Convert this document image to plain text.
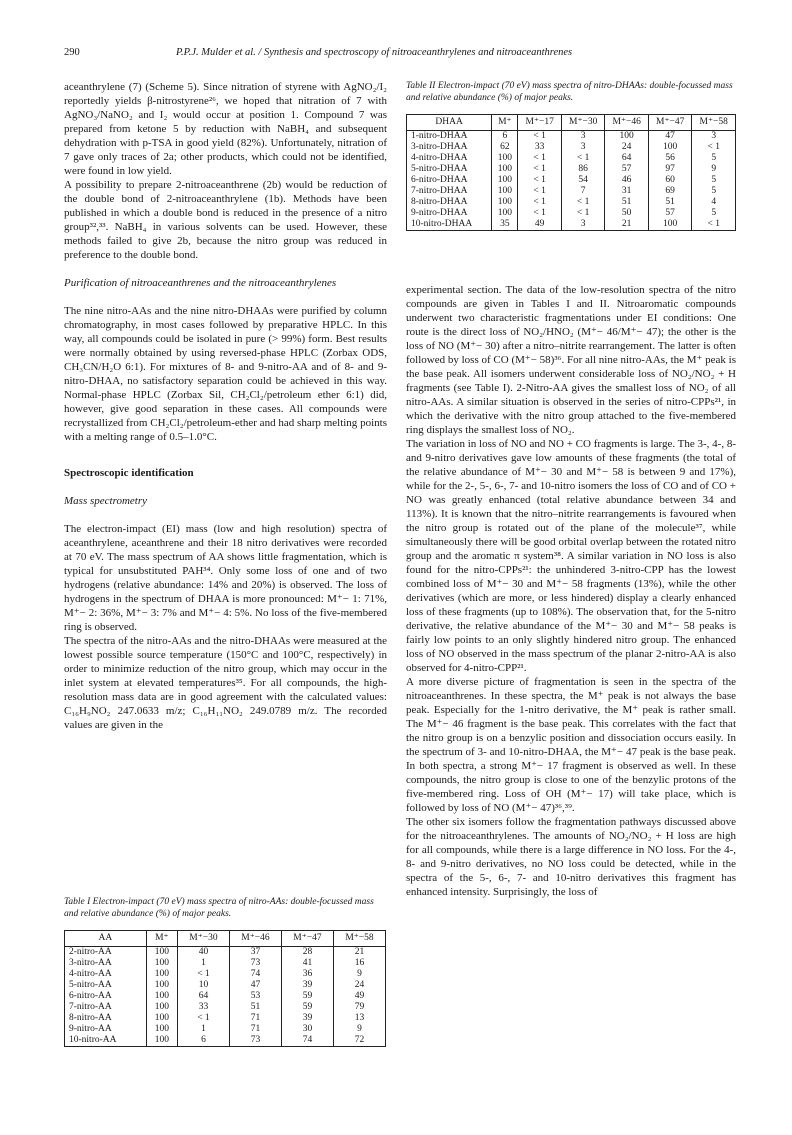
290	P.P.J. Mulder et al. / Synthesis and spectroscopy of nitroaceanthrylenes and nitroaceanthrenes

aceanthrylene (7) (Scheme 5). Since nitration of styrene with AgNO₂/I₂ reportedly yields β-nitrostyrene²⁶, we hoped that nitration of 7 with AgNO₃/NaNO₂ and I₂ would occur at position 1. Compound 7 was prepared from ketone 5 by reduction with NaBH₄ and subsequent dehydration with p-TSA in good yield (82%). Unfortunately, nitration of 7 gave only traces of 2a; other products, which could not be identified, were found in low yield.

A possibility to prepare 2-nitroaceanthrene (2b) would be reduction of the double bond of 2-nitroaceanthrylene (1b). Methods have been published in which a double bond is reduced in the presence of a nitro group³²,³³. NaBH₄ in various solvents can be used. However, these methods failed to give 2b, because the nitro group was reduced in preference to the double bond.

Purification of nitroaceanthrenes and the nitroaceanthrylenes

The nine nitro-AAs and the nine nitro-DHAAs were purified by column chromatography, in most cases followed by preparative HPLC. In this way, all compounds could be isolated in pure (> 99%) form. Best results were normally obtained by using reversed-phase HPLC (Zorbax ODS, CH₃CN/H₂O 6:1). For mixtures of 8- and 9-nitro-AA and of 8- and 9-nitro-DHAA, no satisfactory separation could be achieved in this way. Normal-phase HPLC (Zorbax Sil, CH₂Cl₂/petroleum ether 6:1) did, however, give good separation in these cases. All compounds were recrystallized from CH₂Cl₂/petroleum-ether and had sharp melting points with a melting range of 0.5–1.0°C.

Spectroscopic identification

Mass spectrometry

The electron-impact (EI) mass (low and high resolution) spectra of aceanthrylene, aceanthrene and their 18 nitro derivatives were recorded at 70 eV. The mass spectrum of AA shows little fragmentation, which is typical for unsubstituted PAH³⁴. Only some loss of one and of two hydrogens (relative abundance: 14% and 20%) is observed. The loss of hydrogens in the spectrum of DHAA is more pronounced: M⁺− 1: 71%, M⁺− 2: 36%, M⁺− 3: 7% and M⁺− 4: 5%. No loss of the five-membered ring is observed.

The spectra of the nitro-AAs and the nitro-DHAAs were measured at the lowest possible source temperature (150°C and 100°C, respectively) in order to minimize reduction of the nitro group, which may occur in the inlet system at elevated temperatures³⁵. For all compounds, the high-resolution mass data are in good agreement with the calculated values: C₁₆H₉NO₂ 247.0633 m/z; C₁₆H₁₁NO₂ 249.0789 m/z. The recorded values are given in the

Table I Electron-impact (70 eV) mass spectra of nitro-AAs: double-focussed mass and relative abundance (%) of major peaks.

AA	M⁺	M⁺−30	M⁺−46	M⁺−47	M⁺−58
2-nitro-AA	100	40	37	28	21
3-nitro-AA	100	1	73	41	16
4-nitro-AA	100	< 1	74	36	9
5-nitro-AA	100	10	47	39	24
6-nitro-AA	100	64	53	59	49
7-nitro-AA	100	33	51	59	79
8-nitro-AA	100	< 1	71	39	13
9-nitro-AA	100	1	71	30	9
10-nitro-AA	100	6	73	74	72

Table II Electron-impact (70 eV) mass spectra of nitro-DHAAs: double-focussed mass and relative abundance (%) of major peaks.

DHAA	M⁺	M⁺−17	M⁺−30	M⁺−46	M⁺−47	M⁺−58
1-nitro-DHAA	6	< 1	3	100	47	3
3-nitro-DHAA	62	33	3	24	100	< 1
4-nitro-DHAA	100	< 1	< 1	64	56	5
5-nitro-DHAA	100	< 1	86	57	97	9
6-nitro-DHAA	100	< 1	54	46	60	5
7-nitro-DHAA	100	< 1	7	31	69	5
8-nitro-DHAA	100	< 1	< 1	51	51	4
9-nitro-DHAA	100	< 1	< 1	50	57	5
10-nitro-DHAA	35	49	3	21	100	< 1

experimental section. The data of the low-resolution spectra of the nitro compounds are given in Tables I and II. Nitroaromatic compounds underwent two characteristic fragmentations under EI conditions: One route is the direct loss of NO₂/HNO₂ (M⁺− 46/M⁺− 47); the other is the loss of NO (M⁺− 30) after a nitro–nitrite rearrangement. The latter is often followed by loss of CO (M⁺− 58)³⁶. For all nine nitro-AAs, the M⁺ peak is the base peak. All isomers underwent considerable loss of NO₂/NO₂ + H fragments (see Table I). 2-Nitro-AA gives the smallest loss of NO₂ of all nitro-AAs. A similar situation is observed in the series of nitro-CPPs²¹, in which the derivative with the nitro group attached to the five-membered ring displays the smallest loss of NO₂.

The variation in loss of NO and NO + CO fragments is large. The 3-, 4-, 8- and 9-nitro derivatives gave low amounts of these fragments (the total of the relative abundance of M⁺− 30 and M⁺− 58 is between 9 and 17%), while for the 2-, 5-, 6-, 7- and 10-nitro isomers the loss of CO and of CO + NO was greatly enhanced (total relative abundance between 34 and 113%). It is known that the nitro–nitrite rearrangements is favoured when the nitro group is rotated out of the plane of the molecule³⁷, while simultaneously there will be good orbital overlap between the rotated nitro group and the aromatic π system³⁸. A similar variation in NO loss is also found for the nitro-CPPs²¹: the unhindered 3-nitro-CPP has the lowest combined loss of M⁺− 30 and M⁺− 58 fragments (13%), while the other derivatives (which are more, or less hindered) display a clearly enhanced loss of these fragments (up to 108%). The observation that, for the 5-nitro derivative, the relative abundance of the M⁺− 30 and M⁺− 58 peaks is fairly low points to an only slightly hindered nitro group. The enhanced loss of NO observed in the mass spectrum of the planar 2-nitro-AA is also observed for 4-nitro-CPP²¹.

A more diverse picture of fragmentation is seen in the spectra of the nitroaceanthrenes. In these spectra, the M⁺ peak is not always the base peak. Especially for the 1-nitro derivative, the M⁺ peak is rather small. The M⁺− 46 fragment is the base peak. This correlates with the fact that the nitro group is on a benzylic position and dissociation occurs easily. In the spectrum of 3- and 10-nitro-DHAA, the M⁺− 47 peak is the base peak. In both spectra, a strong M⁺− 17 fragment is observed as well. In these compounds, the nitro group is close to one of the benzylic protons of the five-membered ring. Loss of OH (M⁺− 17) will take place, which is followed by loss of NO (M⁺− 47)³⁶,³⁹.

The other six isomers follow the fragmentation pathways discussed above for the nitroaceanthrylenes. The amounts of NO₂/NO₂ + H loss are high for all compounds, while there is a large difference in NO loss. For the 4-, 8- and 9-nitro derivatives, no NO loss could be detected, while in the spectra of the 5-, 6-, 7- and 10-nitro derivatives this fragment has enhanced intensity. Surprisingly, the loss of
